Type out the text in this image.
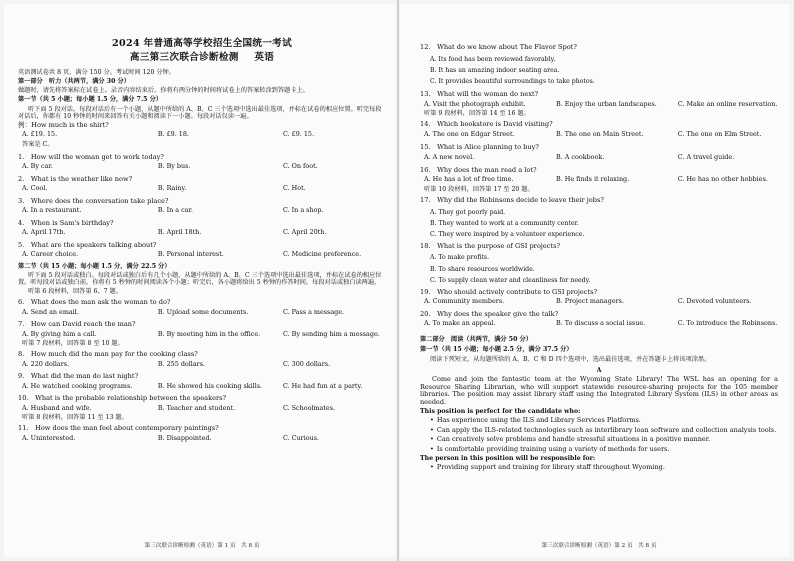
2024 年普通高等学校招生全国统一考试
高三第三次联合诊断检测 英语
英语测试卷共 8 页，满分 150 分。考试时间 120 分钟。
第一部分　听力（共两节，满分 30 分）
做题时，请先将答案标在试卷上。录音内容结束后，你将有两分钟的时间将试卷上的答案转涂到答题卡上。
第一节（共 5 小题；每小题 1.5 分，满分 7.5 分）
听下面 5 段对话。每段对话后有一个小题，从题中所给的 A、B、C 三个选项中选出最佳选项，并标在试卷的相应位置。听完每段对话后，你都有 10 秒钟的时间来回答有关小题和阅读下一小题。每段对话仅读一遍。
例：How much is the shirt?
A. £19. 15.	B. £9. 18.	C. £9. 15.
答案是 C。
1.　How will the woman get to work today?
A. By car.	B. By bus.	C. On foot.
2.　What is the weather like now?
A. Cool.	B. Rainy.	C. Hot.
3.　Where does the conversation take place?
A. In a restaurant.	B. In a car.	C. In a shop.
4.　When is Sam's birthday?
A. April 17th.	B. April 18th.	C. April 20th.
5.　What are the speakers talking about?
A. Career choice.	B. Personal interest.	C. Medicine preference.
第二节（共 15 小题；每小题 1.5 分，满分 22.5 分）
听下面 5 段对话或独白。每段对话或独白后有几个小题，从题中所给的 A、B、C 三个选项中选出最佳选项，并标在试卷的相应位置。听每段对话或独白前，你将有 5 秒钟的时间阅读各个小题；听完后，各小题将给出 5 秒钟的作答时间。每段对话或独白读两遍。
听第 6 段材料，回答第 6、7 题。
6.　What does the man ask the woman to do?
A. Send an email.	B. Upload some documents.	C. Pass a message.
7.　How can David reach the man?
A. By giving him a call.	B. By meeting him in the office.	C. By sending him a message.
听第 7 段材料，回答第 8 至 10 题。
8.　How much did the man pay for the cooking class?
A. 220 dollars.	B. 255 dollars.	C. 300 dollars.
9.　What did the man do last night?
A. He watched cooking programs.	B. He showed his cooking skills.	C. He had fun at a party.
10.　What is the probable relationship between the speakers?
A. Husband and wife.	B. Teacher and student.	C. Schoolmates.
听第 8 段材料，回答第 11 至 13 题。
11.　How does the man feel about contemporary paintings?
A. Uninterested.	B. Disappointed.	C. Curious.
第三次联合诊断检测（英语）第 1 页　共 8 页
12.　What do we know about The Flavor Spot?
A. Its food has been reviewed favorably.
B. It has an amazing indoor seating area.
C. It provides beautiful surroundings to take photos.
13.　What will the woman do next?
A. Visit the photograph exhibit.	B. Enjoy the urban landscapes.	C. Make an online reservation.
听第 9 段材料，回答第 14 至 16 题。
14.　Which bookstore is David visiting?
A. The one on Edgar Street.	B. The one on Main Street.	C. The one on Elm Street.
15.　What is Alice planning to buy?
A. A new novel.	B. A cookbook.	C. A travel guide.
16.　Why does the man read a lot?
A. He has a lot of free time.	B. He finds it relaxing.	C. He has no other hobbies.
听第 10 段材料，回答第 17 至 20 题。
17.　Why did the Robinsons decide to leave their jobs?
A. They got poorly paid.
B. They wanted to work at a community center.
C. They were inspired by a volunteer experience.
18.　What is the purpose of GSI projects?
A. To make profits.
B. To share resources worldwide.
C. To supply clean water and cleanliness for needy.
19.　Who should actively contribute to GSI projects?
A. Community members.	B. Project managers.	C. Devoted volunteers.
20.　Why does the speaker give the talk?
A. To make an appeal.	B. To discuss a social issue.	C. To introduce the Robinsons.
第二部分　阅读（共两节，满分 50 分）
第一节（共 15 小题；每小题 2.5 分，满分 37.5 分）
阅读下列短文，从每题所给的 A、B、C 和 D 四个选项中，选出最佳选项，并在答题卡上将该项涂黑。
A
Come and join the fantastic team at the Wyoming State Library! The WSL has an opening for a Resource Sharing Librarian, who will support statewide resource-sharing projects for the 105 member libraries. The position may assist library staff using the Integrated Library System (ILS) in other areas as needed.
This position is perfect for the candidate who:
• Has experience using the ILS and Library Services Platforms.
• Can apply the ILS-related technologies such as interlibrary loan software and collection analysis tools.
• Can creatively solve problems and handle stressful situations in a positive manner.
• Is comfortable providing training using a variety of methods for users.
The person in this position will be responsible for:
• Providing support and training for library staff throughout Wyoming.
第三次联合诊断检测（英语）第 2 页　共 8 页
